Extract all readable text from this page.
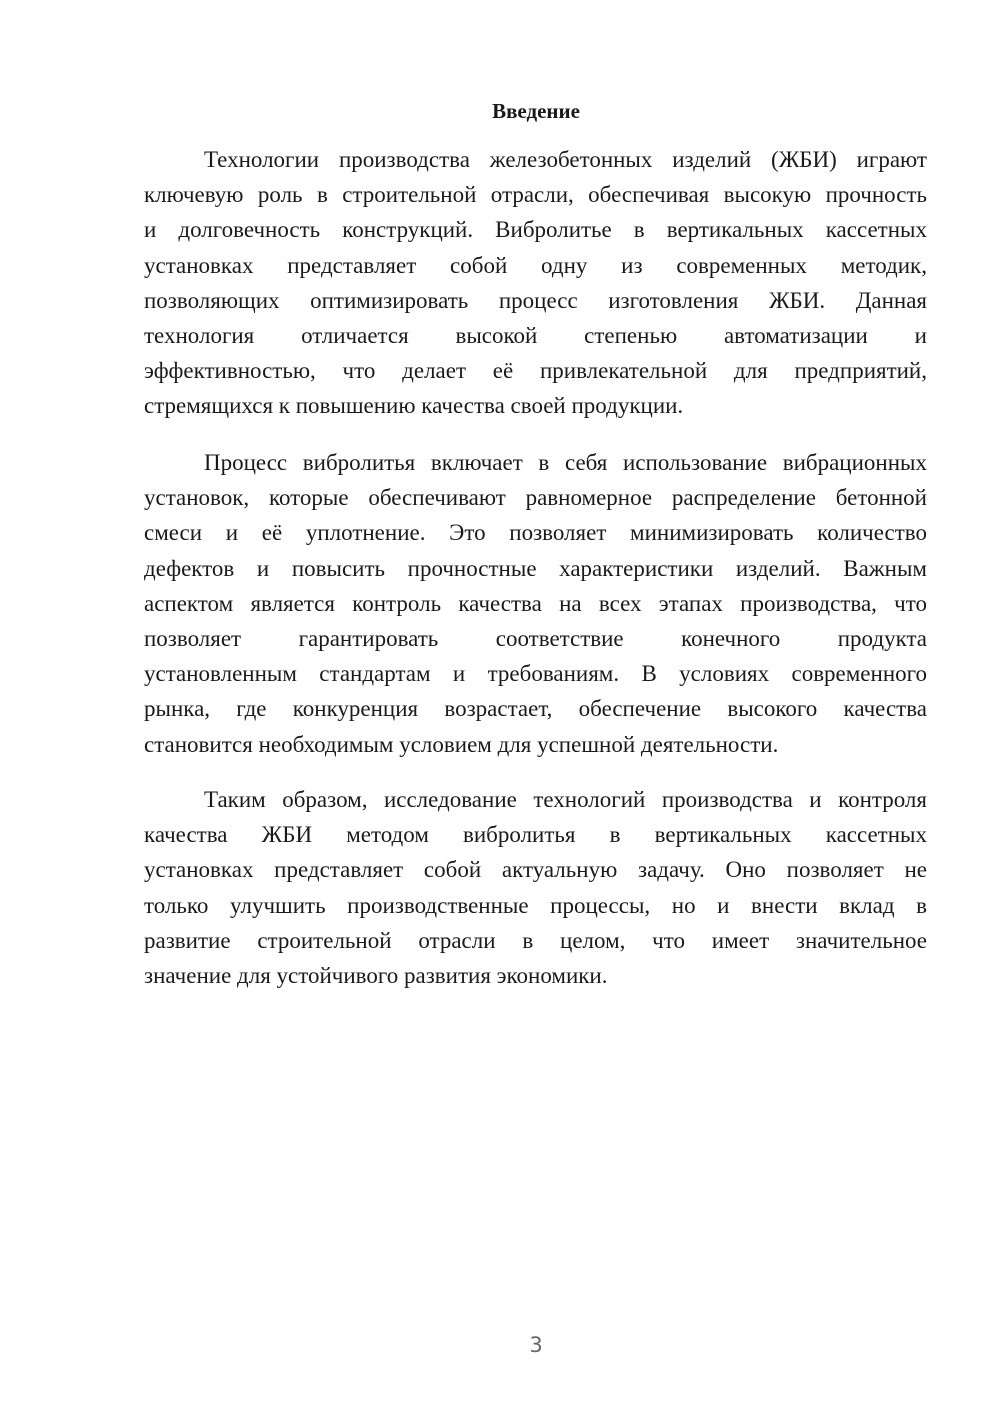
Введение
Технологии производства железобетонных изделий (ЖБИ) играют
ключевую роль в строительной отрасли, обеспечивая высокую прочность
и долговечность конструкций. Вибролитье в вертикальных кассетных
установках представляет собой одну из современных методик,
позволяющих оптимизировать процесс изготовления ЖБИ. Данная
технология отличается высокой степенью автоматизации и
эффективностью, что делает её привлекательной для предприятий,
стремящихся к повышению качества своей продукции.
Процесс вибролитья включает в себя использование вибрационных
установок, которые обеспечивают равномерное распределение бетонной
смеси и её уплотнение. Это позволяет минимизировать количество
дефектов и повысить прочностные характеристики изделий. Важным
аспектом является контроль качества на всех этапах производства, что
позволяет гарантировать соответствие конечного продукта
установленным стандартам и требованиям. В условиях современного
рынка, где конкуренция возрастает, обеспечение высокого качества
становится необходимым условием для успешной деятельности.
Таким образом, исследование технологий производства и контроля
качества ЖБИ методом вибролитья в вертикальных кассетных
установках представляет собой актуальную задачу. Оно позволяет не
только улучшить производственные процессы, но и внести вклад в
развитие строительной отрасли в целом, что имеет значительное
значение для устойчивого развития экономики.
3
